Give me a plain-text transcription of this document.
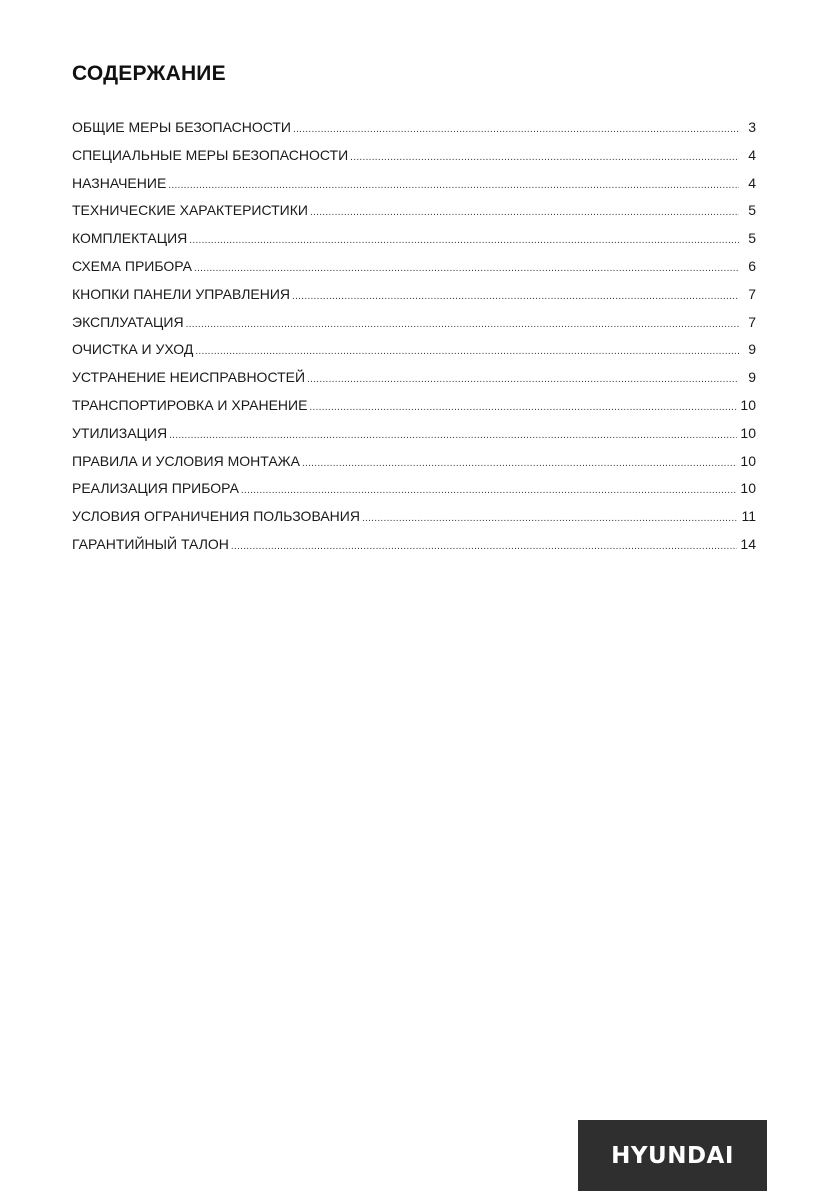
СОДЕРЖАНИЕ
ОБЩИЕ МЕРЫ БЕЗОПАСНОСТИ .....	3
СПЕЦИАЛЬНЫЕ МЕРЫ БЕЗОПАСНОСТИ .....	4
НАЗНАЧЕНИЕ .....	4
ТЕХНИЧЕСКИЕ ХАРАКТЕРИСТИКИ .....	5
КОМПЛЕКТАЦИЯ .....	5
СХЕМА ПРИБОРА .....	6
КНОПКИ ПАНЕЛИ УПРАВЛЕНИЯ .....	7
ЭКСПЛУАТАЦИЯ .....	7
ОЧИСТКА И УХОД .....	9
УСТРАНЕНИЕ НЕИСПРАВНОСТЕЙ .....	9
ТРАНСПОРТИРОВКА И ХРАНЕНИЕ .....	10
УТИЛИЗАЦИЯ .....	10
ПРАВИЛА И УСЛОВИЯ МОНТАЖА .....	10
РЕАЛИЗАЦИЯ ПРИБОРА .....	10
УСЛОВИЯ ОГРАНИЧЕНИЯ ПОЛЬЗОВАНИЯ .....	11
ГАРАНТИЙНЫЙ ТАЛОН .....	14
HYUNDAI
